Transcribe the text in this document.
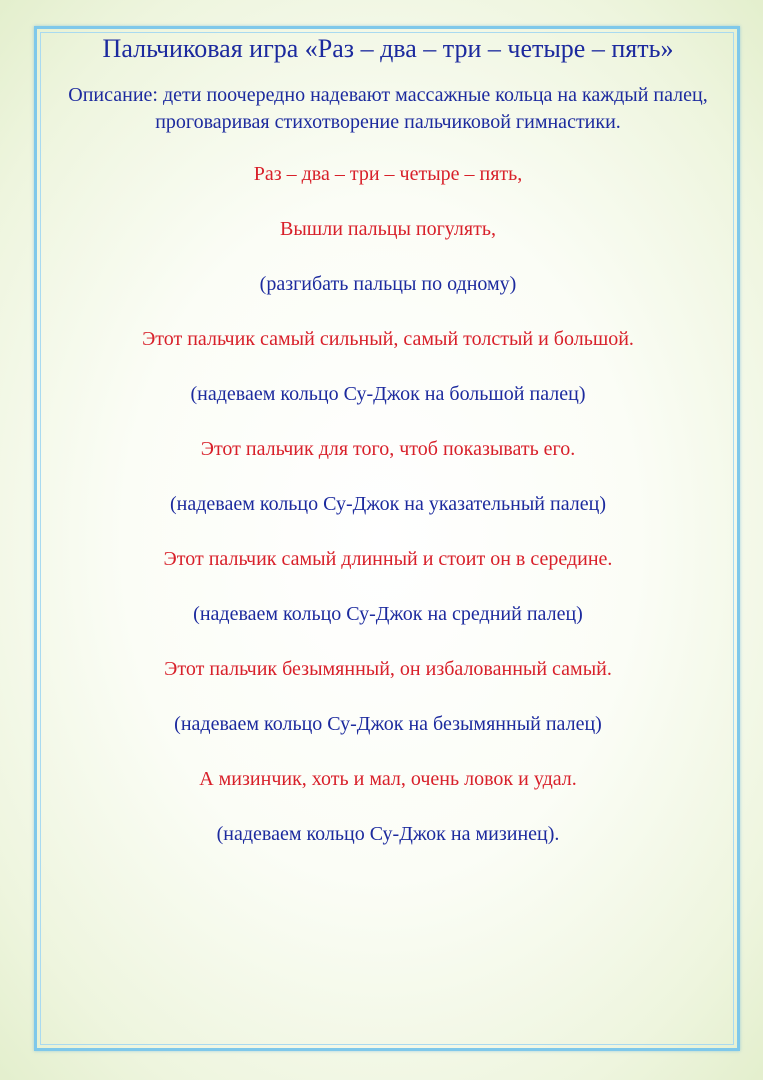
Пальчиковая игра «Раз – два – три – четыре – пять»

Описание: дети поочередно надевают массажные кольца на каждый палец, проговаривая стихотворение пальчиковой гимнастики.

Раз – два – три – четыре – пять,
Вышли пальцы погулять,
(разгибать пальцы по одному)
Этот пальчик самый сильный, самый толстый и большой.
(надеваем кольцо Су-Джок на большой палец)
Этот пальчик для того, чтоб показывать его.
(надеваем кольцо Су-Джок на указательный палец)
Этот пальчик самый длинный и стоит он в середине.
(надеваем кольцо Су-Джок на средний палец)
Этот пальчик безымянный, он избалованный самый.
(надеваем кольцо Су-Джок на безымянный палец)
А мизинчик, хоть и мал, очень ловок и удал.
(надеваем кольцо Су-Джок на мизинец).
